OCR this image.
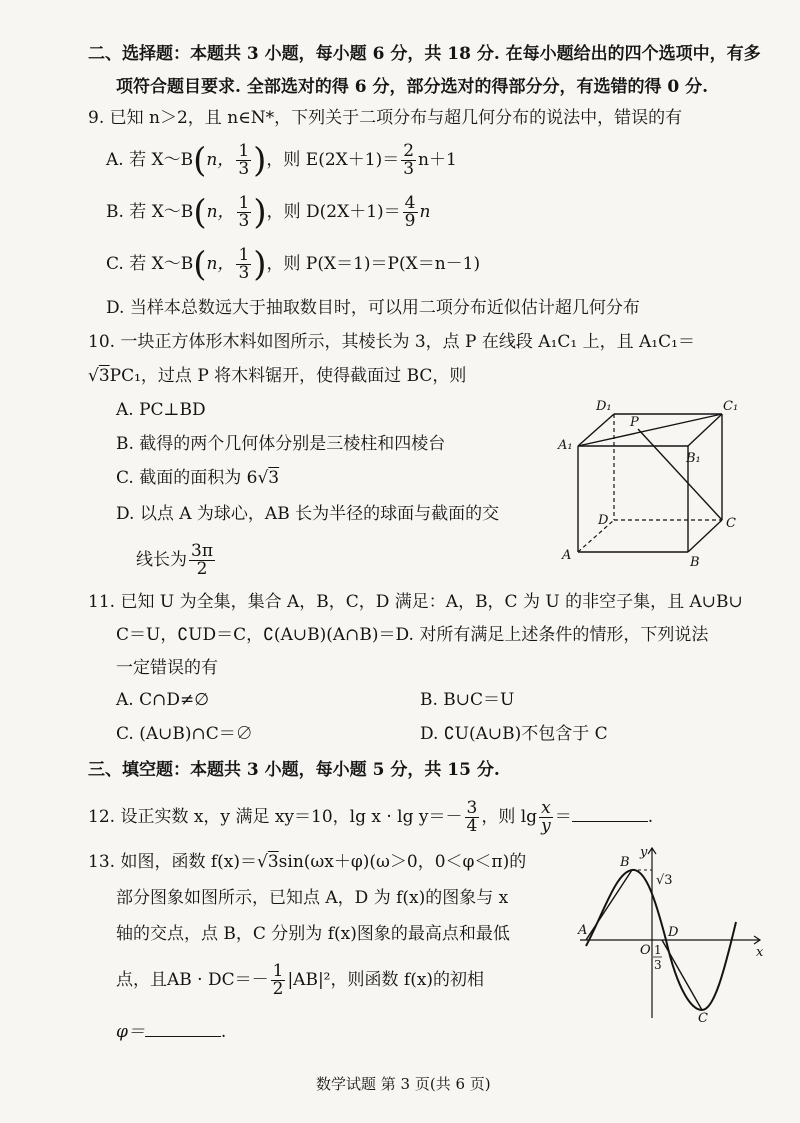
二、选择题：本题共 3 小题，每小题 6 分，共 18 分. 在每小题给出的四个选项中，有多
项符合题目要求. 全部选对的得 6 分，部分选对的得部分分，有选错的得 0 分.
9. 已知 n＞2，且 n∈N*，下列关于二项分布与超几何分布的说法中，错误的有
A. 若 X～B(n， $\frac{1}{3}$ )，则 $E(2X+1)= \frac{2}{3} n+1$
B. 若 X～B(n， $\frac{1}{3}$ )，则 $D(2X+1)= \frac{4}{9}$ n
C. 若 X～B(n， $\frac{1}{3}$ )，则 P(X＝1)＝P(X＝n－1)
D. 当样本总数远大于抽取数目时，可以用二项分布近似估计超几何分布
10. 一块正方体形木料如图所示，其棱长为 3，点 P 在线段 A₁C₁ 上，且 A₁C₁＝
√3PC₁，过点 P 将木料锯开，使得截面过 BC，则
A. PC⊥BD
B. 截得的两个几何体分别是三棱柱和四棱台
C. 截面的面积为 6√3
D. 以点 A 为球心，AB 长为半径的球面与截面的交
线长为 $\frac{3\pi}{2}$
D₁	C₁
A₁
P
B₁
D	C
A	B
11. 已知 U 为全集，集合 A，B，C，D 满足：A，B，C 为 U 的非空子集，且 A∪B∪
C＝U，∁UD＝C，∁(A∪B)(A∩B)＝D. 对所有满足上述条件的情形，下列说法
一定错误的有
A. C∩D≠∅	B. B∪C＝U
C. (A∪B)∩C＝∅	D. ∁U(A∪B)不包含于 C
三、填空题：本题共 3 小题，每小题 5 分，共 15 分.
12. 设正实数 x，y 满足 xy＝10，$\lg x \cdot \lg y=- \frac{3}{4}$ ，则 $\lg \frac{x}{y}$ ＝	.
13. 如图，函数 f(x)＝√3sin(ωx＋φ)(ω＞0，0＜φ＜π)的
部分图象如图所示，已知点 A，D 为 f(x)的图象与 x
轴的交点，点 B，C 分别为 f(x)图象的最高点和最低
点，且AB · $DC=- \frac{1}{2} |AB|^2$，则函数 f(x)的初相
φ＝	.
B
y
√3
A
O
D
x
1
3
C
数学试题 第 3 页(共 6 页)
